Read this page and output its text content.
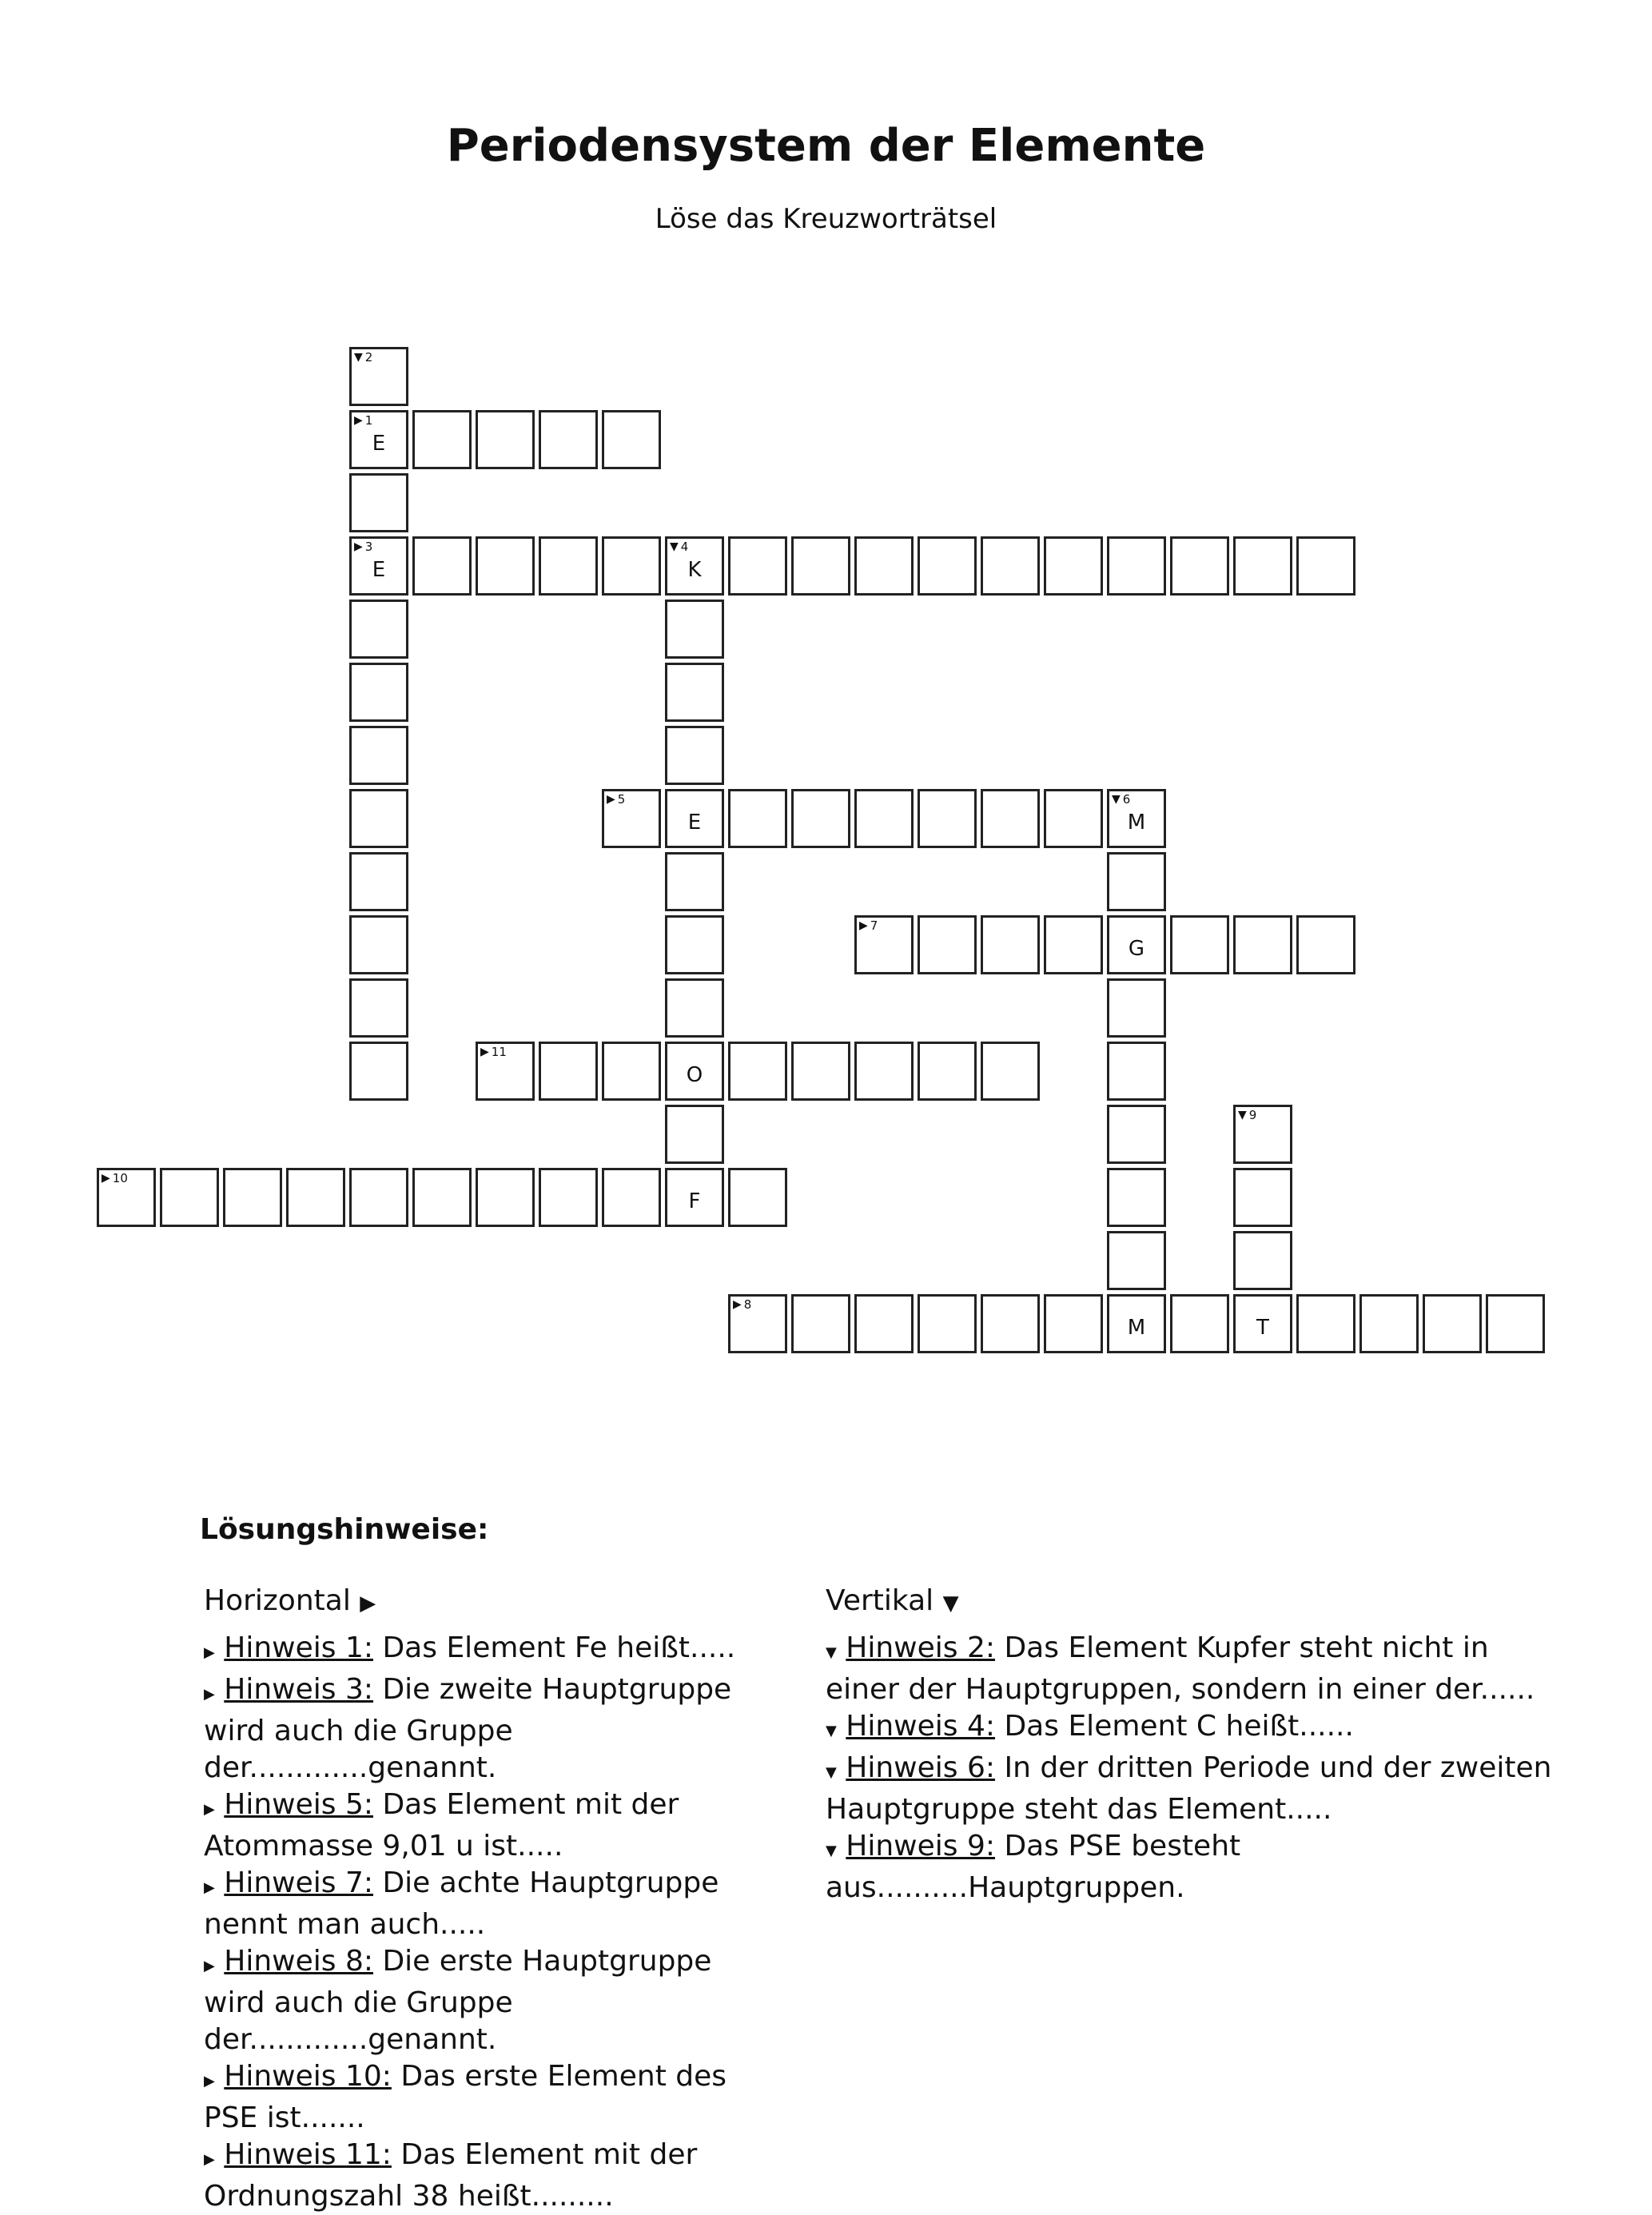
Periodensystem der Elemente
Löse das Kreuzworträtsel
▼ 2
▶ 1
E
▶ 3
E
▼ 4
K
▶ 5
E
▼ 6
M
▶ 7
G
▶ 11
O
▼ 9
▶ 10
F
▶ 8
M	T
Lösungshinweise:
Horizontal ▶
▶ Hinweis 1: Das Element Fe heißt.....
▶ Hinweis 3: Die zweite Hauptgruppe wird auch die Gruppe der.............genannt.
▶ Hinweis 5: Das Element mit der Atommasse 9,01 u ist.....
▶ Hinweis 7: Die achte Hauptgruppe nennt man auch.....
▶ Hinweis 8: Die erste Hauptgruppe wird auch die Gruppe der.............genannt.
▶ Hinweis 10: Das erste Element des PSE ist.......
▶ Hinweis 11: Das Element mit der Ordnungszahl 38 heißt.........
Vertikal ▼
▼ Hinweis 2: Das Element Kupfer steht nicht in einer der Hauptgruppen, sondern in einer der......
▼ Hinweis 4: Das Element C heißt......
▼ Hinweis 6: In der dritten Periode und der zweiten Hauptgruppe steht das Element.....
▼ Hinweis 9: Das PSE besteht aus..........Hauptgruppen.
